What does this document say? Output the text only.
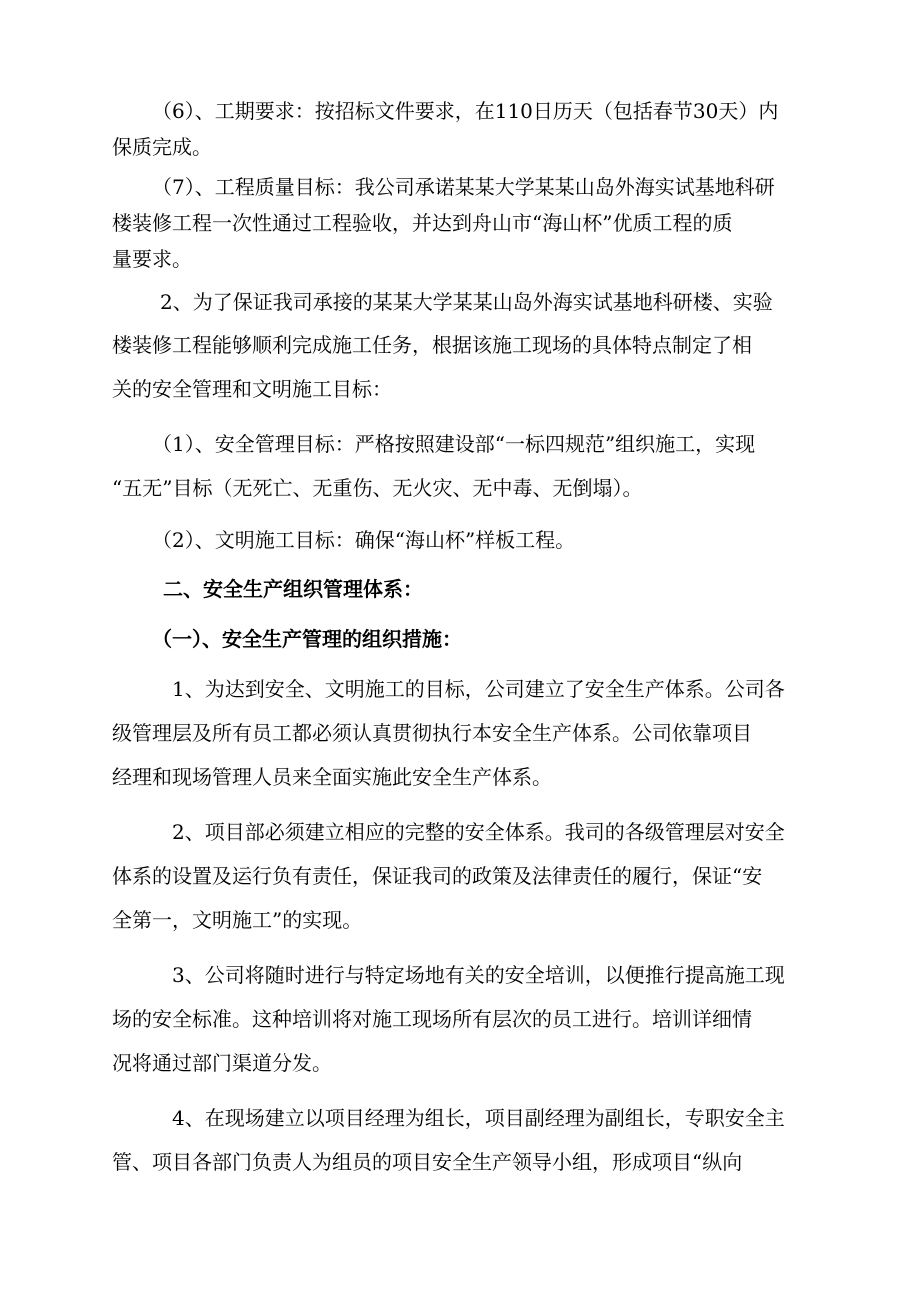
（6）、工期要求：按招标文件要求，在110日历天（包括春节30天）内
保质完成。
（7）、工程质量目标：我公司承诺某某大学某某山岛外海实试基地科研
楼装修工程一次性通过工程验收，并达到舟山市“海山杯”优质工程的质
量要求。
2、为了保证我司承接的某某大学某某山岛外海实试基地科研楼、实验
楼装修工程能够顺利完成施工任务，根据该施工现场的具体特点制定了相
关的安全管理和文明施工目标：
（1）、安全管理目标：严格按照建设部“一标四规范”组织施工，实现
“五无”目标（无死亡、无重伤、无火灾、无中毒、无倒塌）。
（2）、文明施工目标：确保“海山杯”样板工程。
二、安全生产组织管理体系：
（一）、安全生产管理的组织措施：
1、为达到安全、文明施工的目标，公司建立了安全生产体系。公司各
级管理层及所有员工都必须认真贯彻执行本安全生产体系。公司依靠项目
经理和现场管理人员来全面实施此安全生产体系。
2、项目部必须建立相应的完整的安全体系。我司的各级管理层对安全
体系的设置及运行负有责任，保证我司的政策及法律责任的履行，保证“安
全第一，文明施工”的实现。
3、公司将随时进行与特定场地有关的安全培训，以便推行提高施工现
场的安全标准。这种培训将对施工现场所有层次的员工进行。培训详细情
况将通过部门渠道分发。
4、在现场建立以项目经理为组长，项目副经理为副组长，专职安全主
管、项目各部门负责人为组员的项目安全生产领导小组，形成项目“纵向
